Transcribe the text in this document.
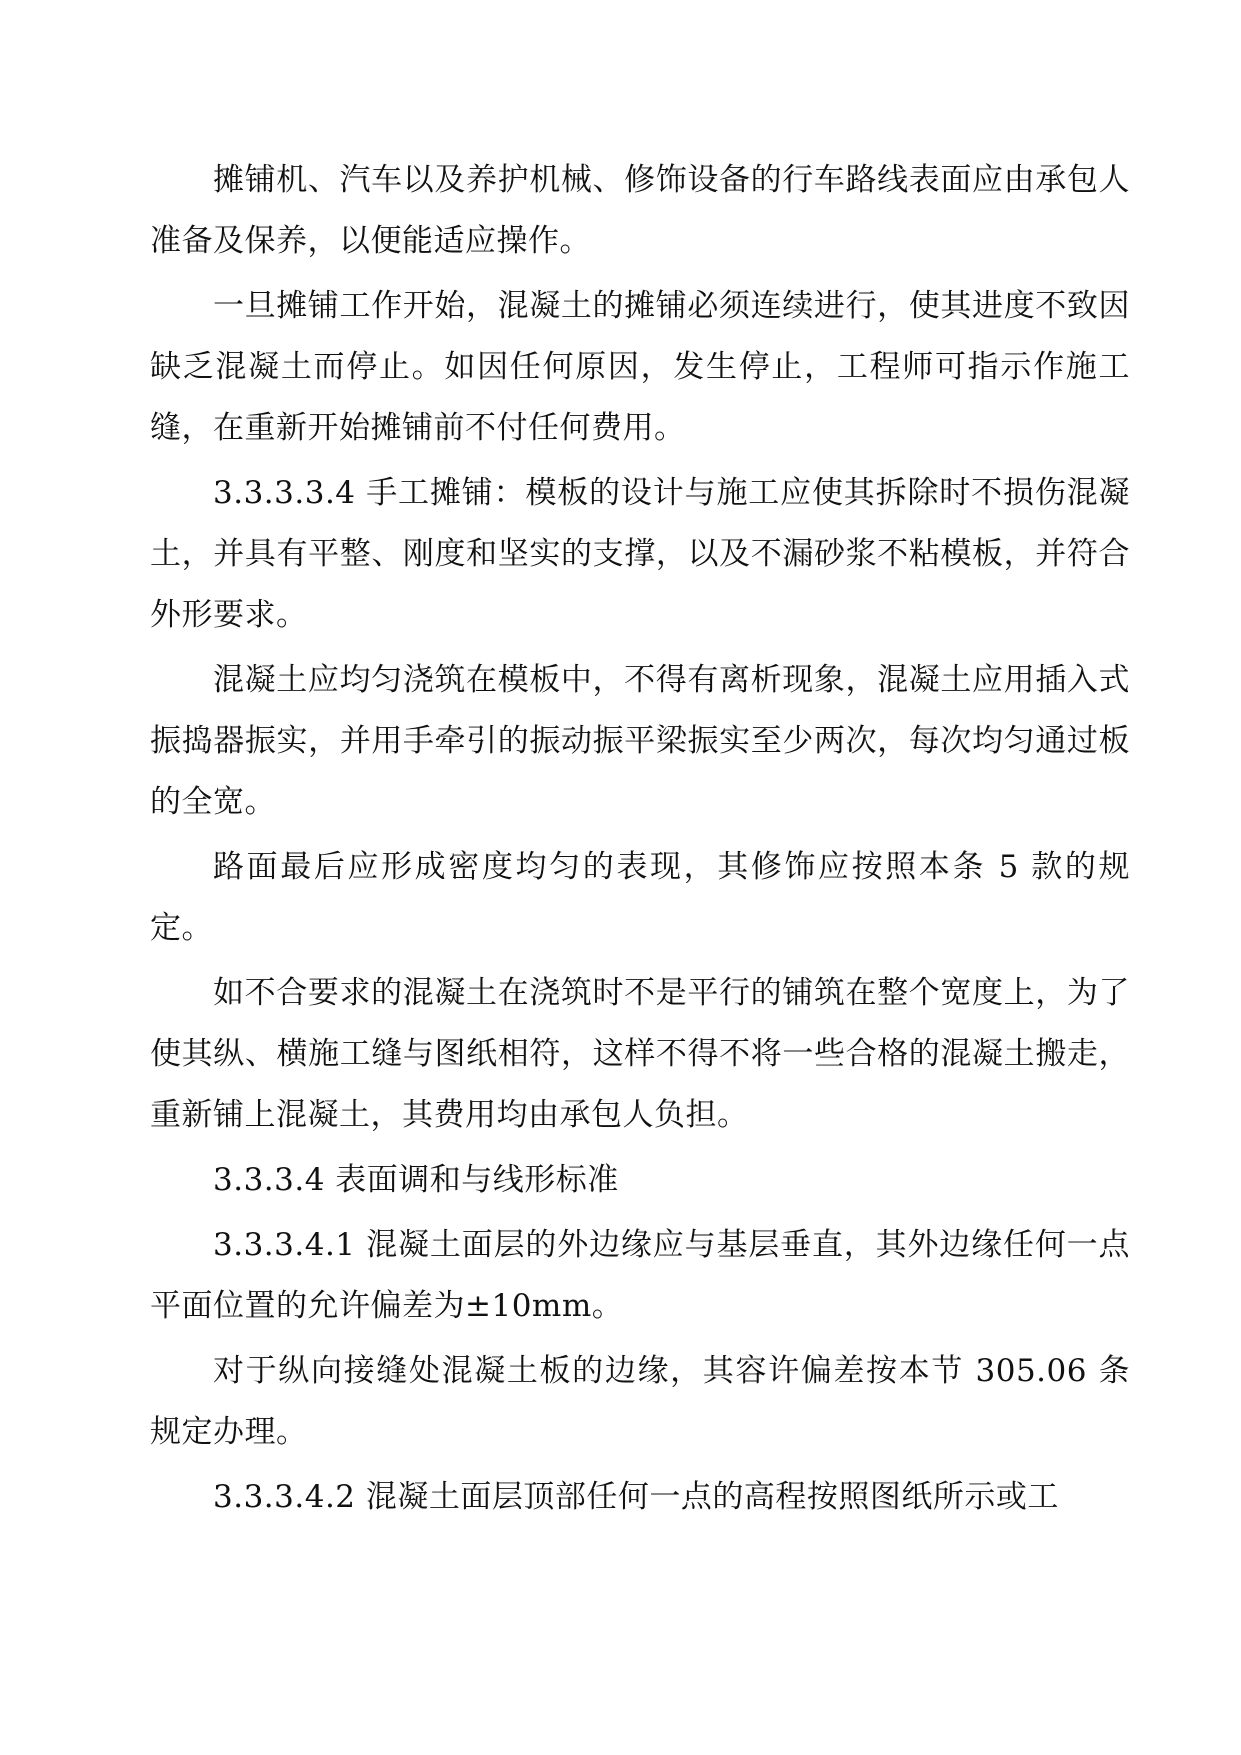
摊铺机、汽车以及养护机械、修饰设备的行车路线表面应由承包人准备及保养，以便能适应操作。

一旦摊铺工作开始，混凝土的摊铺必须连续进行，使其进度不致因缺乏混凝土而停止。如因任何原因，发生停止，工程师可指示作施工缝，在重新开始摊铺前不付任何费用。

3.3.3.3.4 手工摊铺：模板的设计与施工应使其拆除时不损伤混凝土，并具有平整、刚度和坚实的支撑，以及不漏砂浆不粘模板，并符合外形要求。

混凝土应均匀浇筑在模板中，不得有离析现象，混凝土应用插入式振捣器振实，并用手牵引的振动振平梁振实至少两次，每次均匀通过板的全宽。

路面最后应形成密度均匀的表现，其修饰应按照本条 5 款的规定。

如不合要求的混凝土在浇筑时不是平行的铺筑在整个宽度上，为了使其纵、横施工缝与图纸相符，这样不得不将一些合格的混凝土搬走，重新铺上混凝土，其费用均由承包人负担。

3.3.3.4 表面调和与线形标准

3.3.3.4.1 混凝土面层的外边缘应与基层垂直，其外边缘任何一点平面位置的允许偏差为±10mm。

对于纵向接缝处混凝土板的边缘，其容许偏差按本节 305.06 条规定办理。

3.3.3.4.2 混凝土面层顶部任何一点的高程按照图纸所示或工
